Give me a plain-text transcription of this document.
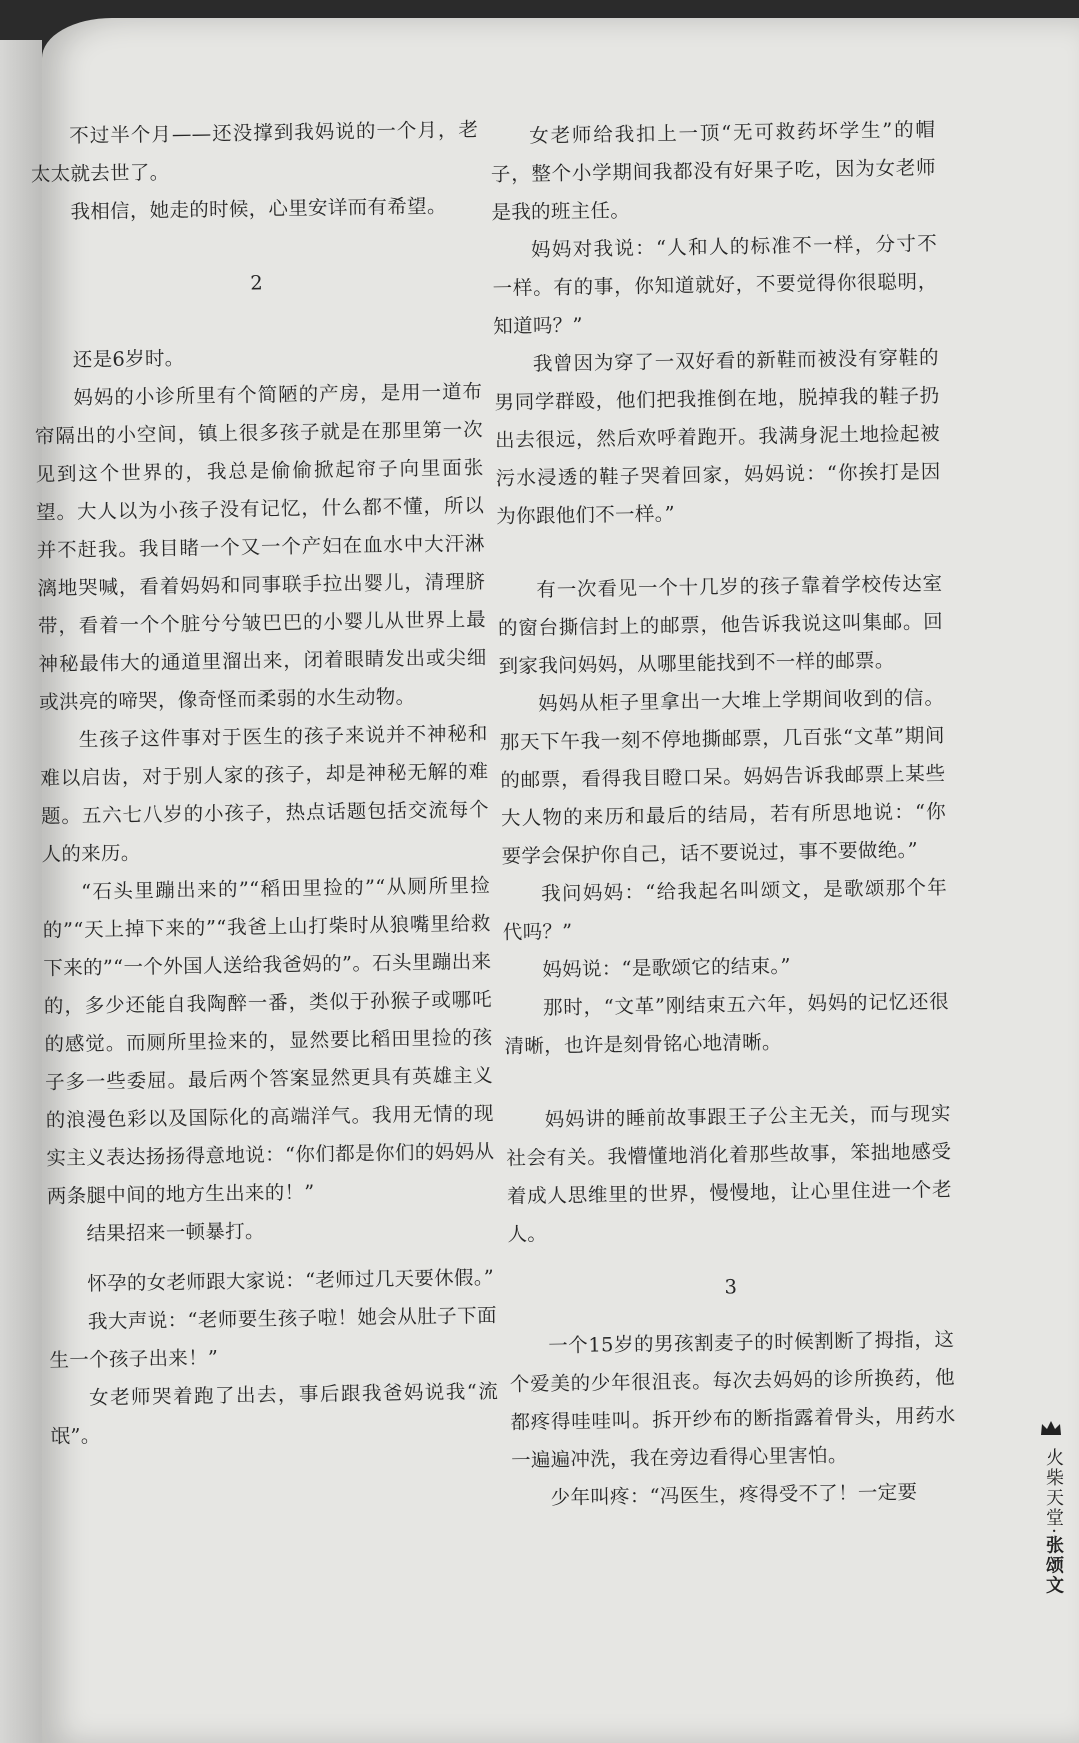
不过半个月——还没撑到我妈说的一个月，老太太就去世了。

我相信，她走的时候，心里安详而有希望。

2

还是6岁时。

妈妈的小诊所里有个简陋的产房，是用一道布帘隔出的小空间，镇上很多孩子就是在那里第一次见到这个世界的，我总是偷偷掀起帘子向里面张望。大人以为小孩子没有记忆，什么都不懂，所以并不赶我。我目睹一个又一个产妇在血水中大汗淋漓地哭喊，看着妈妈和同事联手拉出婴儿，清理脐带，看着一个个脏兮兮皱巴巴的小婴儿从世界上最神秘最伟大的通道里溜出来，闭着眼睛发出或尖细或洪亮的啼哭，像奇怪而柔弱的水生动物。

生孩子这件事对于医生的孩子来说并不神秘和难以启齿，对于别人家的孩子，却是神秘无解的难题。五六七八岁的小孩子，热点话题包括交流每个人的来历。

“石头里蹦出来的”“稻田里捡的”“从厕所里捡的”“天上掉下来的”“我爸上山打柴时从狼嘴里给救下来的”“一个外国人送给我爸妈的”。石头里蹦出来的，多少还能自我陶醉一番，类似于孙猴子或哪吒的感觉。而厕所里捡来的，显然要比稻田里捡的孩子多一些委屈。最后两个答案显然更具有英雄主义的浪漫色彩以及国际化的高端洋气。我用无情的现实主义表达扬扬得意地说：“你们都是你们的妈妈从两条腿中间的地方生出来的！”

结果招来一顿暴打。

怀孕的女老师跟大家说：“老师过几天要休假。”

我大声说：“老师要生孩子啦！她会从肚子下面生一个孩子出来！”

女老师哭着跑了出去，事后跟我爸妈说我“流氓”。

女老师给我扣上一顶“无可救药坏学生”的帽子，整个小学期间我都没有好果子吃，因为女老师是我的班主任。

妈妈对我说：“人和人的标准不一样，分寸不一样。有的事，你知道就好，不要觉得你很聪明，知道吗？”

我曾因为穿了一双好看的新鞋而被没有穿鞋的男同学群殴，他们把我推倒在地，脱掉我的鞋子扔出去很远，然后欢呼着跑开。我满身泥土地捡起被污水浸透的鞋子哭着回家，妈妈说：“你挨打是因为你跟他们不一样。”

有一次看见一个十几岁的孩子靠着学校传达室的窗台撕信封上的邮票，他告诉我说这叫集邮。回到家我问妈妈，从哪里能找到不一样的邮票。

妈妈从柜子里拿出一大堆上学期间收到的信。那天下午我一刻不停地撕邮票，几百张“文革”期间的邮票，看得我目瞪口呆。妈妈告诉我邮票上某些大人物的来历和最后的结局，若有所思地说：“你要学会保护你自己，话不要说过，事不要做绝。”

我问妈妈：“给我起名叫颂文，是歌颂那个年代吗？”

妈妈说：“是歌颂它的结束。”

那时，“文革”刚结束五六年，妈妈的记忆还很清晰，也许是刻骨铭心地清晰。

妈妈讲的睡前故事跟王子公主无关，而与现实社会有关。我懵懂地消化着那些故事，笨拙地感受着成人思维里的世界，慢慢地，让心里住进一个老人。

3

一个15岁的男孩割麦子的时候割断了拇指，这个爱美的少年很沮丧。每次去妈妈的诊所换药，他都疼得哇哇叫。拆开纱布的断指露着骨头，用药水一遍遍冲洗，我在旁边看得心里害怕。

少年叫疼：“冯医生，疼得受不了！一定要	火柴天堂·张颂文
